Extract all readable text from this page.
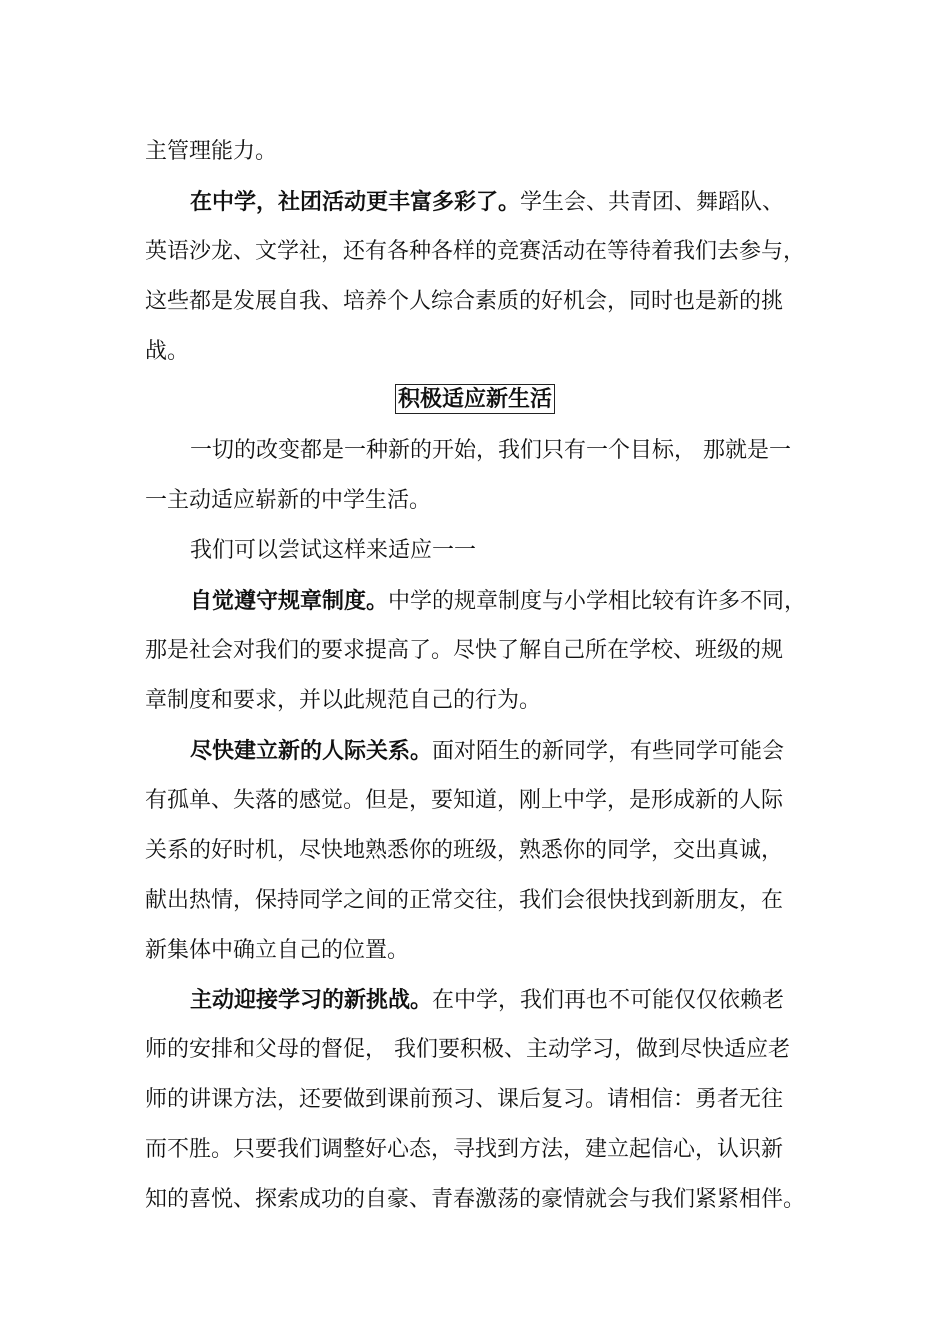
主管理能力。
在中学，社团活动更丰富多彩了。学生会、共青团、舞蹈队、
英语沙龙、文学社，还有各种各样的竞赛活动在等待着我们去参与，
这些都是发展自我、培养个人综合素质的好机会，同时也是新的挑
战。
积极适应新生活
一切的改变都是一种新的开始，我们只有一个目标， 那就是一
一主动适应崭新的中学生活。
我们可以尝试这样来适应一一
自觉遵守规章制度。中学的规章制度与小学相比较有许多不同，
那是社会对我们的要求提高了。尽快了解自己所在学校、班级的规
章制度和要求，并以此规范自己的行为。
尽快建立新的人际关系。面对陌生的新同学，有些同学可能会
有孤单、失落的感觉。但是，要知道，刚上中学，是形成新的人际
关系的好时机，尽快地熟悉你的班级，熟悉你的同学，交出真诚，
献出热情，保持同学之间的正常交往，我们会很快找到新朋友，在
新集体中确立自己的位置。
主动迎接学习的新挑战。在中学，我们再也不可能仅仅依赖老
师的安排和父母的督促， 我们要积极、主动学习，做到尽快适应老
师的讲课方法，还要做到课前预习、课后复习。请相信：勇者无往
而不胜。只要我们调整好心态，寻找到方法，建立起信心，认识新
知的喜悦、探索成功的自豪、青春激荡的豪情就会与我们紧紧相伴。
